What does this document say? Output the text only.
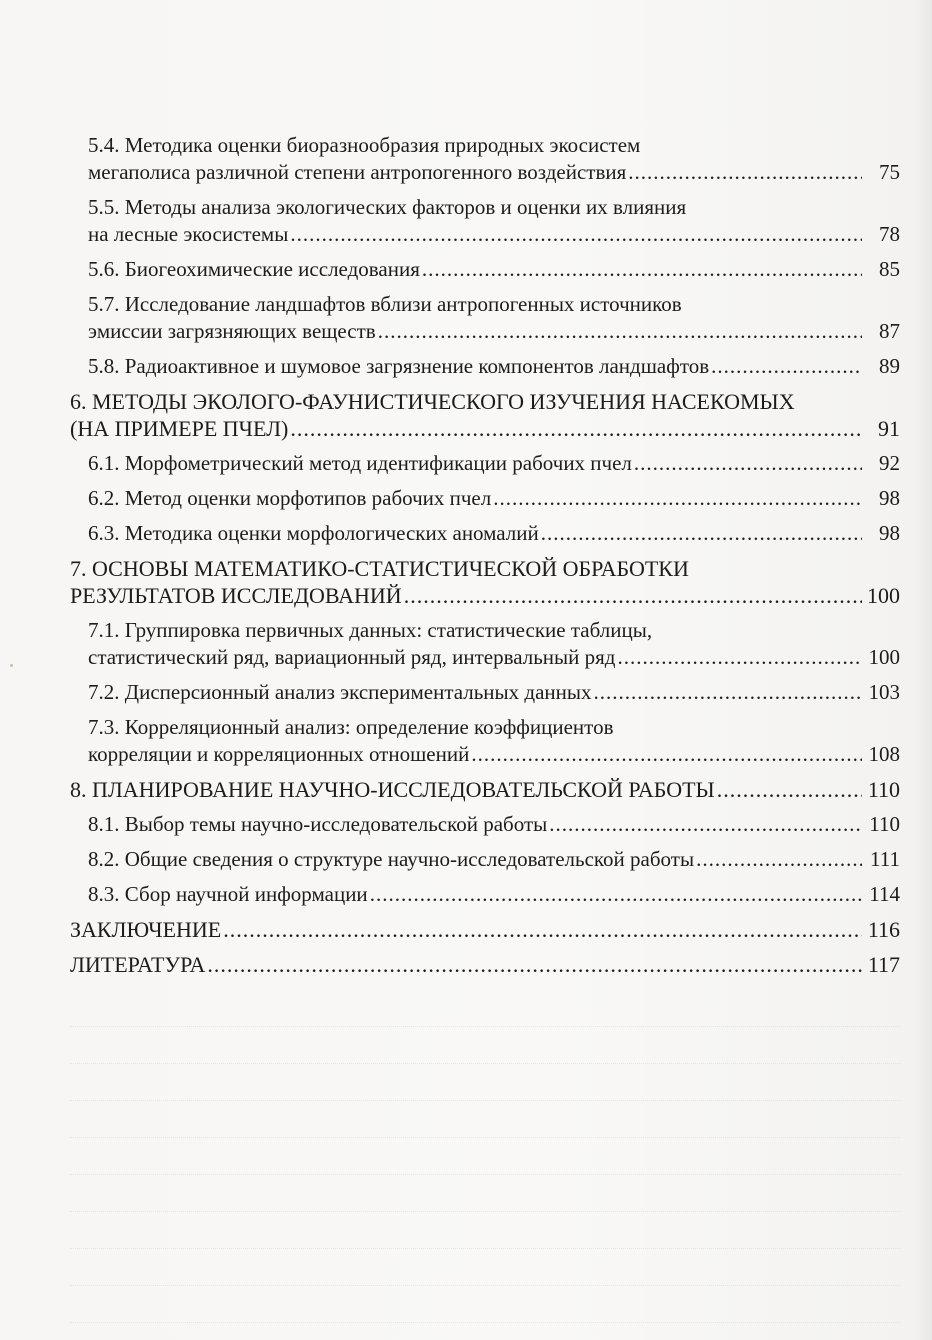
5.4. Методика оценки биоразнообразия природных экосистем
мегаполиса различной степени антропогенного воздействия .....	75
5.5. Методы анализа экологических факторов и оценки их влияния
на лесные экосистемы .....	78
5.6. Биогеохимические исследования .....	85
5.7. Исследование ландшафтов вблизи антропогенных источников
эмиссии загрязняющих веществ .....	87
5.8. Радиоактивное и шумовое загрязнение компонентов ландшафтов .....	89
6. МЕТОДЫ ЭКОЛОГО-ФАУНИСТИЧЕСКОГО ИЗУЧЕНИЯ НАСЕКОМЫХ
(НА ПРИМЕРЕ ПЧЕЛ) .....	91
6.1. Морфометрический метод идентификации рабочих пчел .....	92
6.2. Метод оценки морфотипов рабочих пчел .....	98
6.3. Методика оценки морфологических аномалий .....	98
7. ОСНОВЫ МАТЕМАТИКО-СТАТИСТИЧЕСКОЙ ОБРАБОТКИ
РЕЗУЛЬТАТОВ ИССЛЕДОВАНИЙ .....	100
7.1. Группировка первичных данных: статистические таблицы,
статистический ряд, вариационный ряд, интервальный ряд .....	100
7.2. Дисперсионный анализ экспериментальных данных .....	103
7.3. Корреляционный анализ: определение коэффициентов
корреляции и корреляционных отношений .....	108
8. ПЛАНИРОВАНИЕ НАУЧНО-ИССЛЕДОВАТЕЛЬСКОЙ РАБОТЫ .....	110
8.1. Выбор темы научно-исследовательской работы .....	110
8.2. Общие сведения о структуре научно-исследовательской работы .....	111
8.3. Сбор научной информации .....	114
ЗАКЛЮЧЕНИЕ .....	116
ЛИТЕРАТУРА .....	117
